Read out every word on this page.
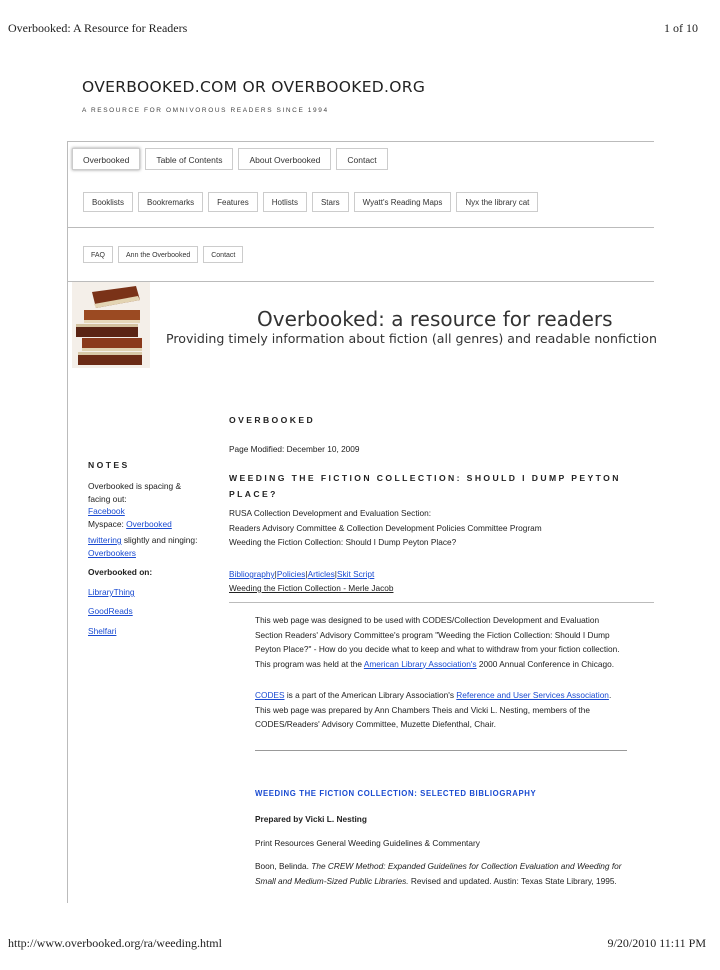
Overbooked: A Resource for Readers	1 of 10
OVERBOOKED.COM OR OVERBOOKED.ORG
A RESOURCE FOR OMNIVOROUS READERS SINCE 1994
Overbooked	Table of Contents	About Overbooked	Contact
Booklists	Bookremarks	Features	Hotlists	Stars	Wyatt's Reading Maps	Nyx the library cat
FAQ	Ann the Overbooked	Contact
Overbooked: a resource for readers
Providing timely information about fiction (all genres) and readable nonfiction
OVERBOOKED
Page Modified: December 10, 2009
NOTES
Overbooked is spacing & facing out:
Facebook
Myspace: Overbooked
twittering slightly and ninging: Overbookers
Overbooked on:
LibraryThing
GoodReads
Shelfari
WEEDING THE FICTION COLLECTION: SHOULD I DUMP PEYTON PLACE?
RUSA Collection Development and Evaluation Section:
Readers Advisory Committee & Collection Development Policies Committee Program
Weeding the Fiction Collection: Should I Dump Peyton Place?
Bibliography|Policies|Articles|Skit Script
Weeding the Fiction Collection - Merle Jacob
This web page was designed to be used with CODES/Collection Development and Evaluation Section Readers' Advisory Committee's program "Weeding the Fiction Collection: Should I Dump Peyton Place?" - How do you decide what to keep and what to withdraw from your fiction collection. This program was held at the American Library Association's 2000 Annual Conference in Chicago.
CODES is a part of the American Library Association's Reference and User Services Association. This web page was prepared by Ann Chambers Theis and Vicki L. Nesting, members of the CODES/Readers' Advisory Committee, Muzette Diefenthal, Chair.
WEEDING THE FICTION COLLECTION: SELECTED BIBLIOGRAPHY
Prepared by Vicki L. Nesting
Print Resources General Weeding Guidelines & Commentary
Boon, Belinda. The CREW Method: Expanded Guidelines for Collection Evaluation and Weeding for Small and Medium-Sized Public Libraries. Revised and updated. Austin: Texas State Library, 1995.
http://www.overbooked.org/ra/weeding.html	9/20/2010 11:11 PM
